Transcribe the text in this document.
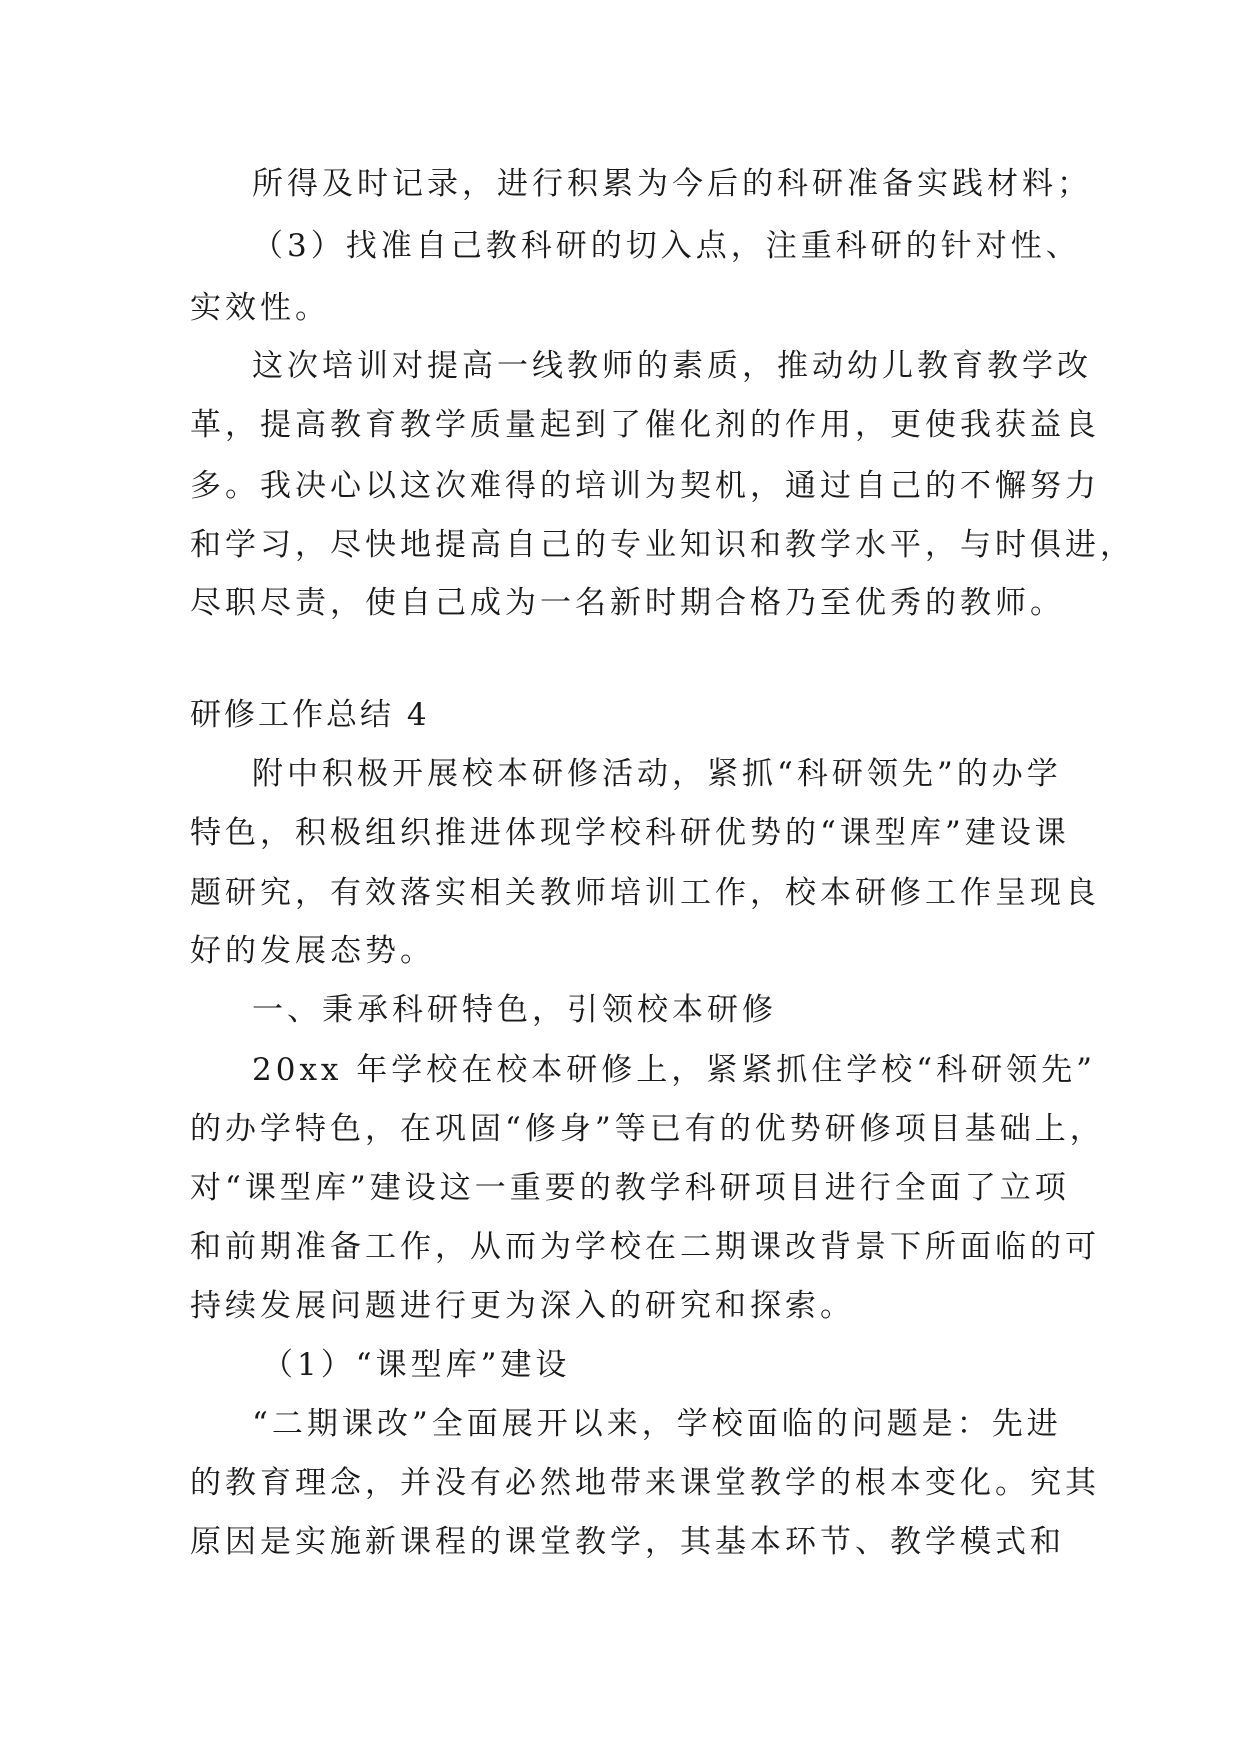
所得及时记录，进行积累为今后的科研准备实践材料；
（3）找准自己教科研的切入点，注重科研的针对性、
实效性。
这次培训对提高一线教师的素质，推动幼儿教育教学改
革，提高教育教学质量起到了催化剂的作用，更使我获益良
多。我决心以这次难得的培训为契机，通过自己的不懈努力
和学习，尽快地提高自己的专业知识和教学水平，与时俱进，
尽职尽责，使自己成为一名新时期合格乃至优秀的教师。
研修工作总结 4
附中积极开展校本研修活动，紧抓“科研领先”的办学
特色，积极组织推进体现学校科研优势的“课型库”建设课
题研究，有效落实相关教师培训工作，校本研修工作呈现良
好的发展态势。
一、秉承科研特色，引领校本研修
20xx 年学校在校本研修上，紧紧抓住学校“科研领先”
的办学特色，在巩固“修身”等已有的优势研修项目基础上，
对“课型库”建设这一重要的教学科研项目进行全面了立项
和前期准备工作，从而为学校在二期课改背景下所面临的可
持续发展问题进行更为深入的研究和探索。
（1）“课型库”建设
“二期课改”全面展开以来，学校面临的问题是：先进
的教育理念，并没有必然地带来课堂教学的根本变化。究其
原因是实施新课程的课堂教学，其基本环节、教学模式和
